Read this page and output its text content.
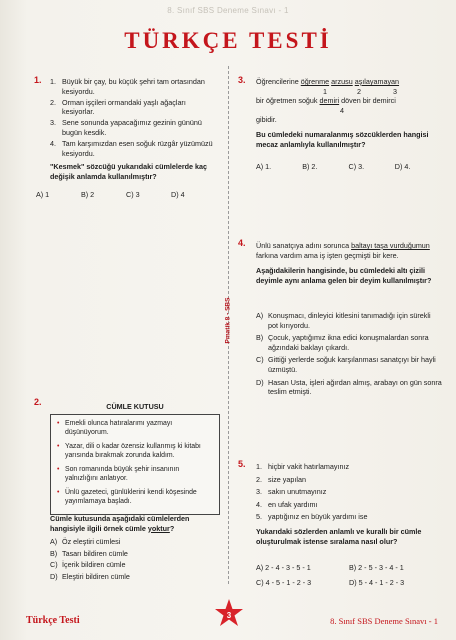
8. Sınıf SBS Deneme Sınavı - 1
TÜRKÇE TESTİ
Pmatik 8 - SBS
1. 1. Büyük bir çay, bu küçük şehri tam ortasından kesiyordu.
2. Orman işçileri ormandaki yaşlı ağaçları kesiyorlar.
3. Sene sonunda yapacağımız gezinin gününü bugün kesdik.
4. Tam karşımızdan esen soğuk rüzgâr yüzümüzü kesiyordu.
"Kesmek" sözcüğü yukarıdaki cümlelerde kaç değişik anlamda kullanılmıştır?
A) 1	B) 2	C) 3	D) 4
2.	CÜMLE KUTUSU
• Emekli olunca hatıralarımı yazmayı düşünüyorum.
• Yazar, dili o kadar özensiz kullanmış ki kitabı yarısında bırakmak zorunda kaldım.
• Son romanında büyük şehir insanının yalnızlığını anlatıyor.
• Ünlü gazeteci, günlüklerini kendi köşesinde yayımlamaya başladı.
Cümle kutusunda aşağıdaki cümlelerden hangisiyle ilgili örnek cümle yoktur?
A) Öz eleştiri cümlesi
B) Tasarı bildiren cümle
C) İçerik bildiren cümle
D) Eleştiri bildiren cümle
3. Öğrencilerine öğrenme arzusu aşılayamayan
1	2	3
bir öğretmen soğuk demiri döven bir demirci
4
gibidir.
Bu cümledeki numaralanmış sözcüklerden hangisi mecaz anlamlıyla kullanılmıştır?
A) 1.	B) 2.	C) 3.	D) 4.
4. Ünlü sanatçıya adını sorunca baltayı taşa vurduğumun farkına vardım ama iş işten geçmişti bir kere.
Aşağıdakilerin hangisinde, bu cümledeki altı çizili deyimle aynı anlama gelen bir deyim kullanılmıştır?
A) Konuşmacı, dinleyici kitlesini tanımadığı için sürekli pot kırıyordu.
B) Çocuk, yaptığımız ikna edici konuşmalardan sonra ağzındaki baklayı çıkardı.
C) Gittiği yerlerde soğuk karşılanması sanatçıyı bir hayli üzmüştü.
D) Hasan Usta, işleri ağırdan almış, arabayı on gün sonra teslim etmişti.
5. 1. hiçbir vakit hatırlamayınız
2. size yapılan
3. sakın unutmayınız
4. en ufak yardımı
5. yaptığınız en büyük yardımı ise
Yukarıdaki sözlerden anlamlı ve kurallı bir cümle oluşturulmak istense sıralama nasıl olur?
A) 2 - 4 - 3 - 5 - 1	B) 2 - 5 - 3 - 4 - 1
C) 4 - 5 - 1 - 2 - 3	D) 5 - 4 - 1 - 2 - 3
Türkçe Testi	3
8. Sınıf SBS Deneme Sınavı - 1
